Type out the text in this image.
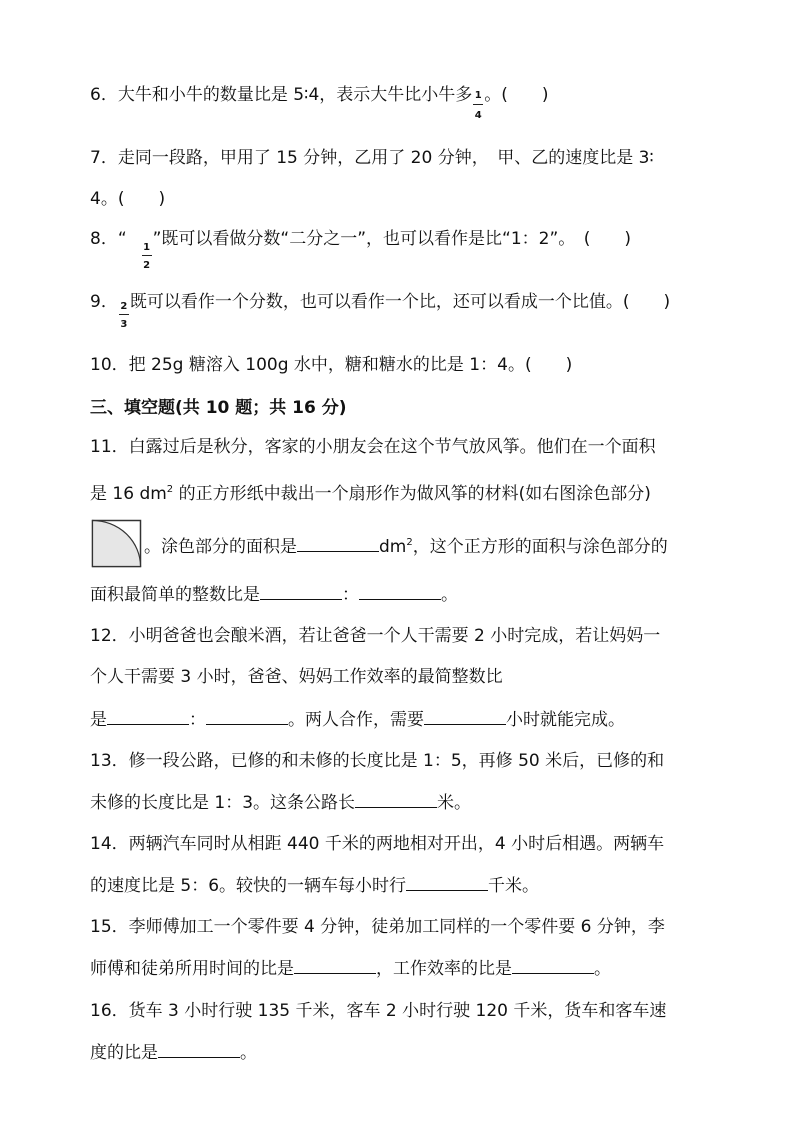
6．大牛和小牛的数量比是 5∶4，表示大牛比小牛多 $\frac{1}{4}$ 。(　　)
7．走同一段路，甲用了 15 分钟，乙用了 20 分钟，　甲、乙的速度比是 3∶
4。(　　)
8．“ $\frac{1}{2}$ ”既可以看做分数“二分之一”，也可以看作是比“1：2”。　(　　)
9． $\frac{2}{3}$ 既可以看作一个分数，也可以看作一个比，还可以看成一个比值。(　　)
10．把 25g 糖溶入 100g 水中，糖和糖水的比是 1：4。(　　)
三、填空题(共 10 题；共 16 分)
11．白露过后是秋分，客家的小朋友会在这个节气放风筝。他们在一个面积
是 16 $dm^2$ 的正方形纸中裁出一个扇形作为做风筝的材料(如右图涂色部分)
。涂色部分的面积是	$dm^2$，这个正方形的面积与涂色部分的
面积最简单的整数比是	：	。
12．小明爸爸也会酿米酒，若让爸爸一个人干需要 2 小时完成，若让妈妈一
个人干需要 3 小时，爸爸、妈妈工作效率的最简整数比
是	：	。两人合作，需要	小时就能完成。
13．修一段公路，已修的和未修的长度比是 1：5，再修 50 米后，已修的和
未修的长度比是 1：3。这条公路长	米。
14．两辆汽车同时从相距 440 千米的两地相对开出，4 小时后相遇。两辆车
的速度比是 5：6。较快的一辆车每小时行	千米。
15．李师傅加工一个零件要 4 分钟，徒弟加工同样的一个零件要 6 分钟，李
师傅和徒弟所用时间的比是	，工作效率的比是	。
16．货车 3 小时行驶 135 千米，客车 2 小时行驶 120 千米，货车和客车速
度的比是	。
